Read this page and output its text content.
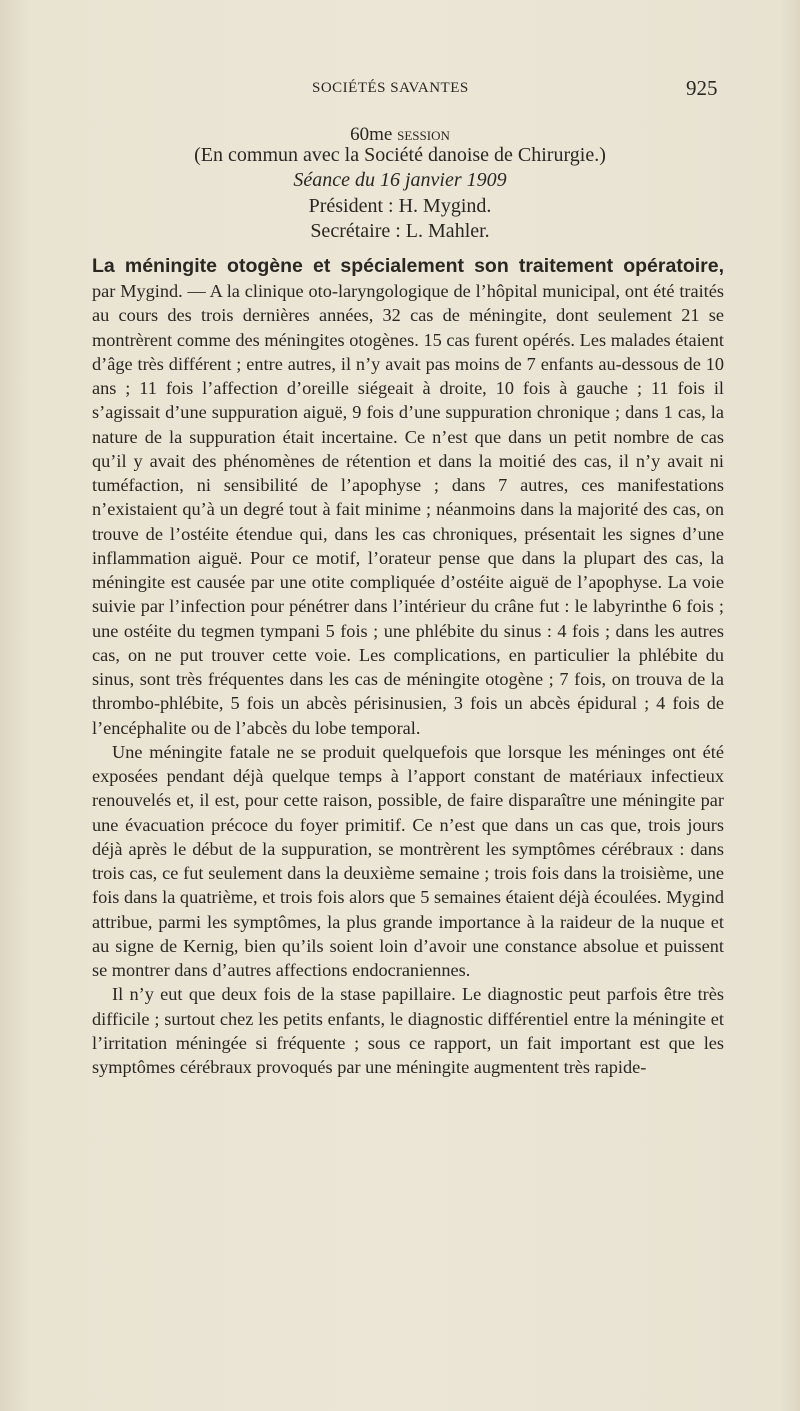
SOCIÉTÉS SAVANTES	925
60me session
(En commun avec la Société danoise de Chirurgie.)
Séance du 16 janvier 1909
Président : H. Mygind.
Secrétaire : L. Mahler.
La méningite otogène et spécialement son traitement opératoire,

par Mygind. — A la clinique oto-laryngologique de l’hôpital municipal, ont été traités au cours des trois dernières années, 32 cas de méningite, dont seulement 21 se montrèrent comme des méningites otogènes. 15 cas furent opérés. Les malades étaient d’âge très différent ; entre autres, il n’y avait pas moins de 7 enfants au-dessous de 10 ans ; 11 fois l’affection d’oreille siégeait à droite, 10 fois à gauche ; 11 fois il s’agissait d’une suppuration aiguë, 9 fois d’une suppuration chronique ; dans 1 cas, la nature de la suppuration était incertaine. Ce n’est que dans un petit nombre de cas qu’il y avait des phénomènes de rétention et dans la moitié des cas, il n’y avait ni tuméfaction, ni sensibilité de l’apophyse ; dans 7 autres, ces manifestations n’existaient qu’à un degré tout à fait minime ; néanmoins dans la majorité des cas, on trouve de l’ostéite étendue qui, dans les cas chroniques, présentait les signes d’une inflammation aiguë. Pour ce motif, l’orateur pense que dans la plupart des cas, la méningite est causée par une otite compliquée d’ostéite aiguë de l’apophyse. La voie suivie par l’infection pour pénétrer dans l’intérieur du crâne fut : le labyrinthe 6 fois ; une ostéite du tegmen tympani 5 fois ; une phlébite du sinus : 4 fois ; dans les autres cas, on ne put trouver cette voie. Les complications, en particulier la phlébite du sinus, sont très fréquentes dans les cas de méningite otogène ; 7 fois, on trouva de la thrombo-phlébite, 5 fois un abcès périsinusien, 3 fois un abcès épidural ; 4 fois de l’encéphalite ou de l’abcès du lobe temporal.

Une méningite fatale ne se produit quelquefois que lorsque les méninges ont été exposées pendant déjà quelque temps à l’apport constant de matériaux infectieux renouvelés et, il est, pour cette raison, possible, de faire disparaître une méningite par une évacuation précoce du foyer primitif. Ce n’est que dans un cas que, trois jours déjà après le début de la suppuration, se montrèrent les symptômes cérébraux : dans trois cas, ce fut seulement dans la deuxième semaine ; trois fois dans la troisième, une fois dans la quatrième, et trois fois alors que 5 semaines étaient déjà écoulées. Mygind attribue, parmi les symptômes, la plus grande importance à la raideur de la nuque et au signe de Kernig, bien qu’ils soient loin d’avoir une constance absolue et puissent se montrer dans d’autres affections endocraniennes.

Il n’y eut que deux fois de la stase papillaire. Le diagnostic peut parfois être très difficile ; surtout chez les petits enfants, le diagnostic différentiel entre la méningite et l’irritation méningée si fréquente ; sous ce rapport, un fait important est que les symptômes cérébraux provoqués par une méningite augmentent très rapide-
